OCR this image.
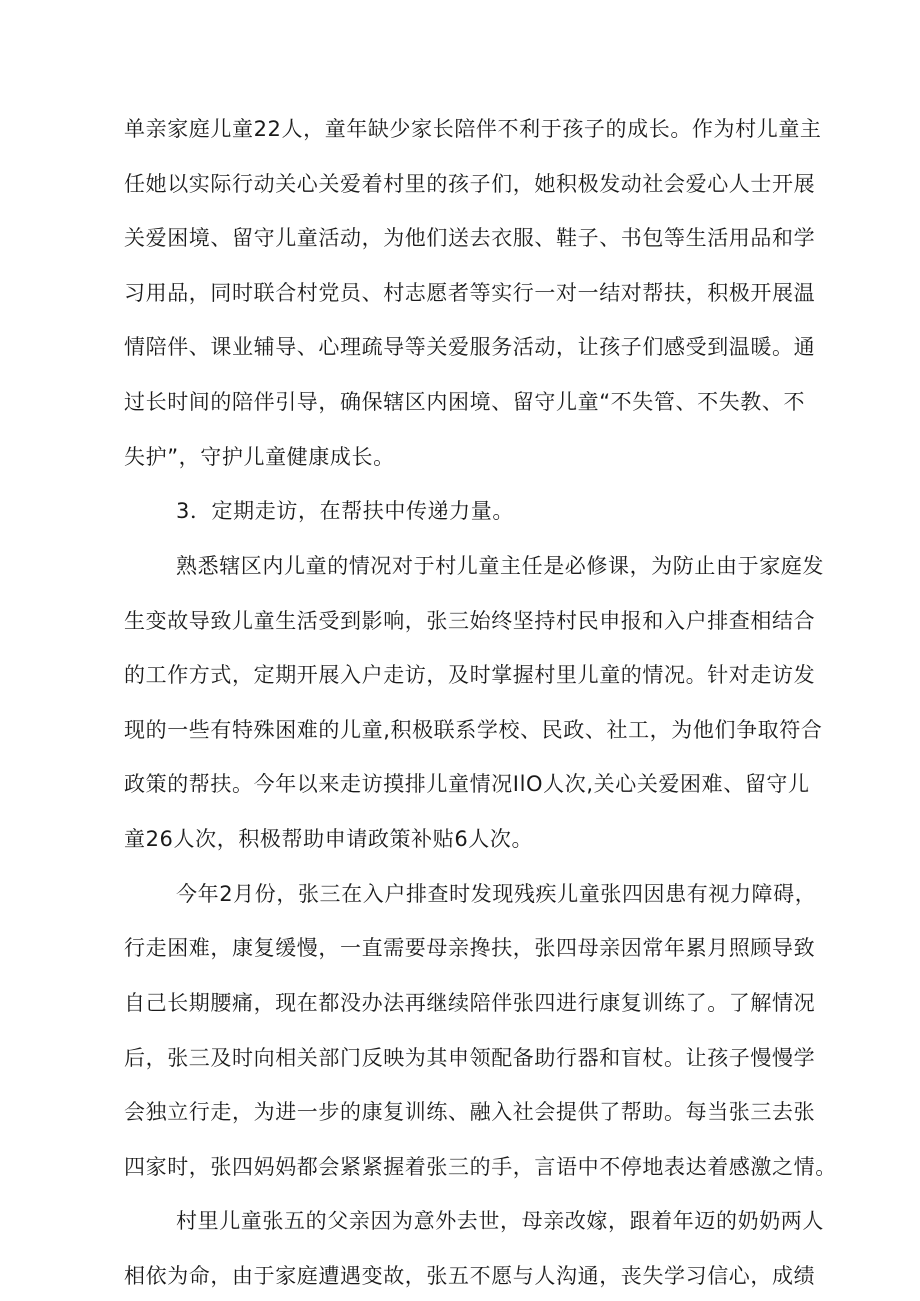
单亲家庭儿童22人，童年缺少家长陪伴不利于孩子的成长。作为村儿童主
任她以实际行动关心关爱着村里的孩子们，她积极发动社会爱心人士开展
关爱困境、留守儿童活动，为他们送去衣服、鞋子、书包等生活用品和学
习用品，同时联合村党员、村志愿者等实行一对一结对帮扶，积极开展温
情陪伴、课业辅导、心理疏导等关爱服务活动，让孩子们感受到温暖。通
过长时间的陪伴引导，确保辖区内困境、留守儿童“不失管、不失教、不
失护”，守护儿童健康成长。
3．定期走访，在帮扶中传递力量。
熟悉辖区内儿童的情况对于村儿童主任是必修课，为防止由于家庭发
生变故导致儿童生活受到影响，张三始终坚持村民申报和入户排查相结合
的工作方式，定期开展入户走访，及时掌握村里儿童的情况。针对走访发
现的一些有特殊困难的儿童,积极联系学校、民政、社工，为他们争取符合
政策的帮扶。今年以来走访摸排儿童情况IlO人次,关心关爱困难、留守儿
童26人次，积极帮助申请政策补贴6人次。
今年2月份，张三在入户排查时发现残疾儿童张四因患有视力障碍，
行走困难，康复缓慢，一直需要母亲搀扶，张四母亲因常年累月照顾导致
自己长期腰痛，现在都没办法再继续陪伴张四进行康复训练了。了解情况
后，张三及时向相关部门反映为其申领配备助行器和盲杖。让孩子慢慢学
会独立行走，为进一步的康复训练、融入社会提供了帮助。每当张三去张
四家时，张四妈妈都会紧紧握着张三的手，言语中不停地表达着感激之情。
村里儿童张五的父亲因为意外去世，母亲改嫁，跟着年迈的奶奶两人
相依为命，由于家庭遭遇变故，张五不愿与人沟通，丧失学习信心，成绩
